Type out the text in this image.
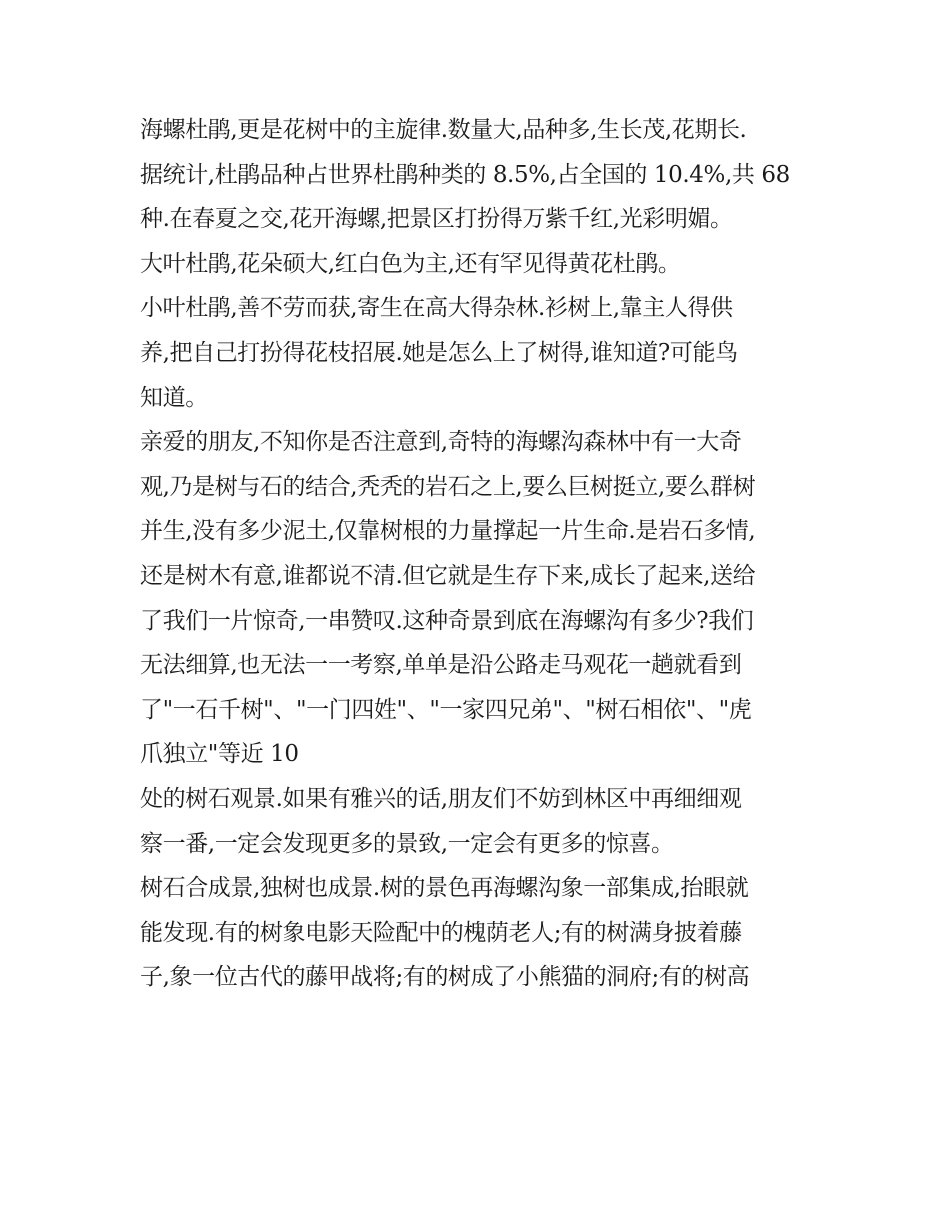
海螺杜鹃,更是花树中的主旋律.数量大,品种多,生长茂,花期长.

据统计,杜鹃品种占世界杜鹃种类的 8.5%,占全国的 10.4%,共 68

种.在春夏之交,花开海螺,把景区打扮得万紫千红,光彩明媚。

大叶杜鹃,花朵硕大,红白色为主,还有罕见得黄花杜鹃。

小叶杜鹃,善不劳而获,寄生在高大得杂林.衫树上,靠主人得供

养,把自己打扮得花枝招展.她是怎么上了树得,谁知道?可能鸟

知道。

亲爱的朋友,不知你是否注意到,奇特的海螺沟森林中有一大奇

观,乃是树与石的结合,秃秃的岩石之上,要么巨树挺立,要么群树

并生,没有多少泥土,仅靠树根的力量撑起一片生命.是岩石多情,

还是树木有意,谁都说不清.但它就是生存下来,成长了起来,送给

了我们一片惊奇,一串赞叹.这种奇景到底在海螺沟有多少?我们

无法细算,也无法一一考察,单单是沿公路走马观花一趟就看到

了"一石千树"、"一门四姓"、"一家四兄弟"、"树石相依"、"虎

爪独立"等近 10

处的树石观景.如果有雅兴的话,朋友们不妨到林区中再细细观

察一番,一定会发现更多的景致,一定会有更多的惊喜。

树石合成景,独树也成景.树的景色再海螺沟象一部集成,抬眼就

能发现.有的树象电影天险配中的槐荫老人;有的树满身披着藤

子,象一位古代的藤甲战将;有的树成了小熊猫的洞府;有的树高
